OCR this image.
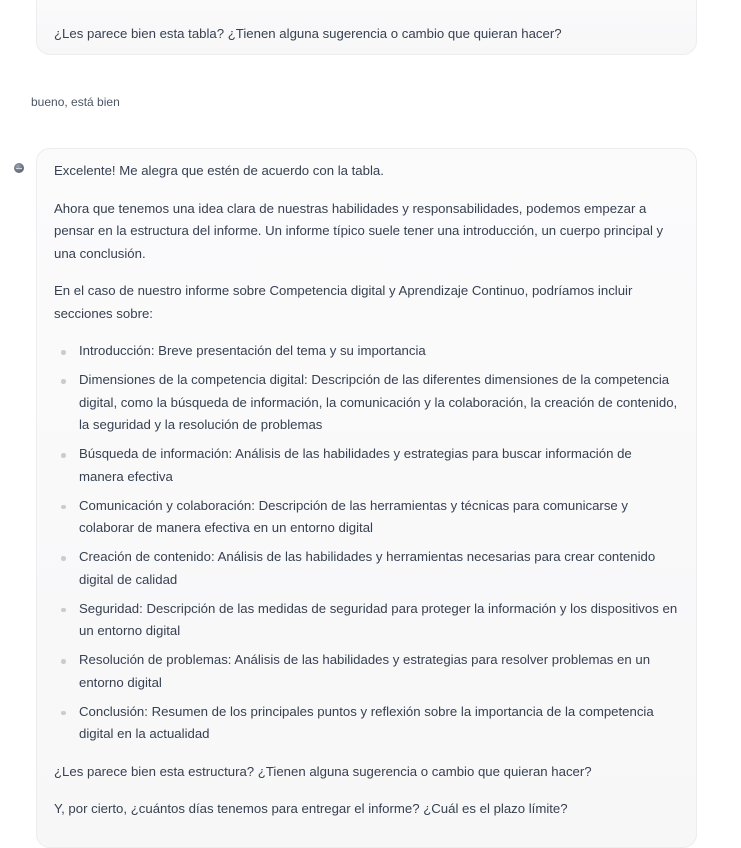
¿Les parece bien esta tabla? ¿Tienen alguna sugerencia o cambio que quieran hacer?

bueno, está bien

Excelente! Me alegra que estén de acuerdo con la tabla.

Ahora que tenemos una idea clara de nuestras habilidades y responsabilidades, podemos empezar a pensar en la estructura del informe. Un informe típico suele tener una introducción, un cuerpo principal y una conclusión.

En el caso de nuestro informe sobre Competencia digital y Aprendizaje Continuo, podríamos incluir secciones sobre:

Introducción: Breve presentación del tema y su importancia
Dimensiones de la competencia digital: Descripción de las diferentes dimensiones de la competencia digital, como la búsqueda de información, la comunicación y la colaboración, la creación de contenido, la seguridad y la resolución de problemas
Búsqueda de información: Análisis de las habilidades y estrategias para buscar información de manera efectiva
Comunicación y colaboración: Descripción de las herramientas y técnicas para comunicarse y colaborar de manera efectiva en un entorno digital
Creación de contenido: Análisis de las habilidades y herramientas necesarias para crear contenido digital de calidad
Seguridad: Descripción de las medidas de seguridad para proteger la información y los dispositivos en un entorno digital
Resolución de problemas: Análisis de las habilidades y estrategias para resolver problemas en un entorno digital
Conclusión: Resumen de los principales puntos y reflexión sobre la importancia de la competencia digital en la actualidad

¿Les parece bien esta estructura? ¿Tienen alguna sugerencia o cambio que quieran hacer?

Y, por cierto, ¿cuántos días tenemos para entregar el informe? ¿Cuál es el plazo límite?
